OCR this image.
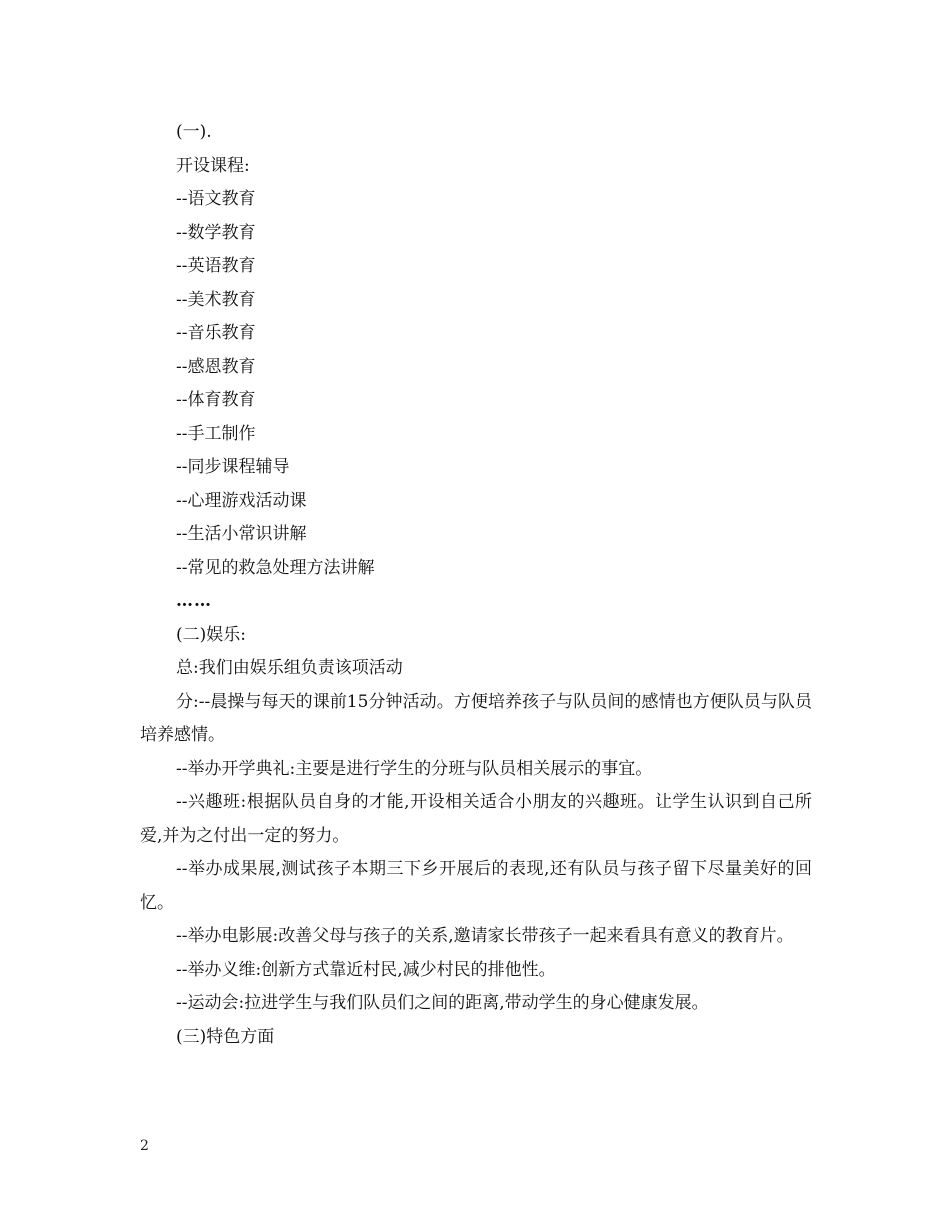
(一).
开设课程:
--语文教育
--数学教育
--英语教育
--美术教育
--音乐教育
--感恩教育
--体育教育
--手工制作
--同步课程辅导
--心理游戏活动课
--生活小常识讲解
--常见的救急处理方法讲解
……
(二)娱乐:
总:我们由娱乐组负责该项活动
分:--晨操与每天的课前15分钟活动。方便培养孩子与队员间的感情也方便队员与队员培养感情。
--举办开学典礼:主要是进行学生的分班与队员相关展示的事宜。
--兴趣班:根据队员自身的才能,开设相关适合小朋友的兴趣班。让学生认识到自己所爱,并为之付出一定的努力。
--举办成果展,测试孩子本期三下乡开展后的表现,还有队员与孩子留下尽量美好的回忆。
--举办电影展:改善父母与孩子的关系,邀请家长带孩子一起来看具有意义的教育片。
--举办义维:创新方式靠近村民,减少村民的排他性。
--运动会:拉进学生与我们队员们之间的距离,带动学生的身心健康发展。
(三)特色方面
2
